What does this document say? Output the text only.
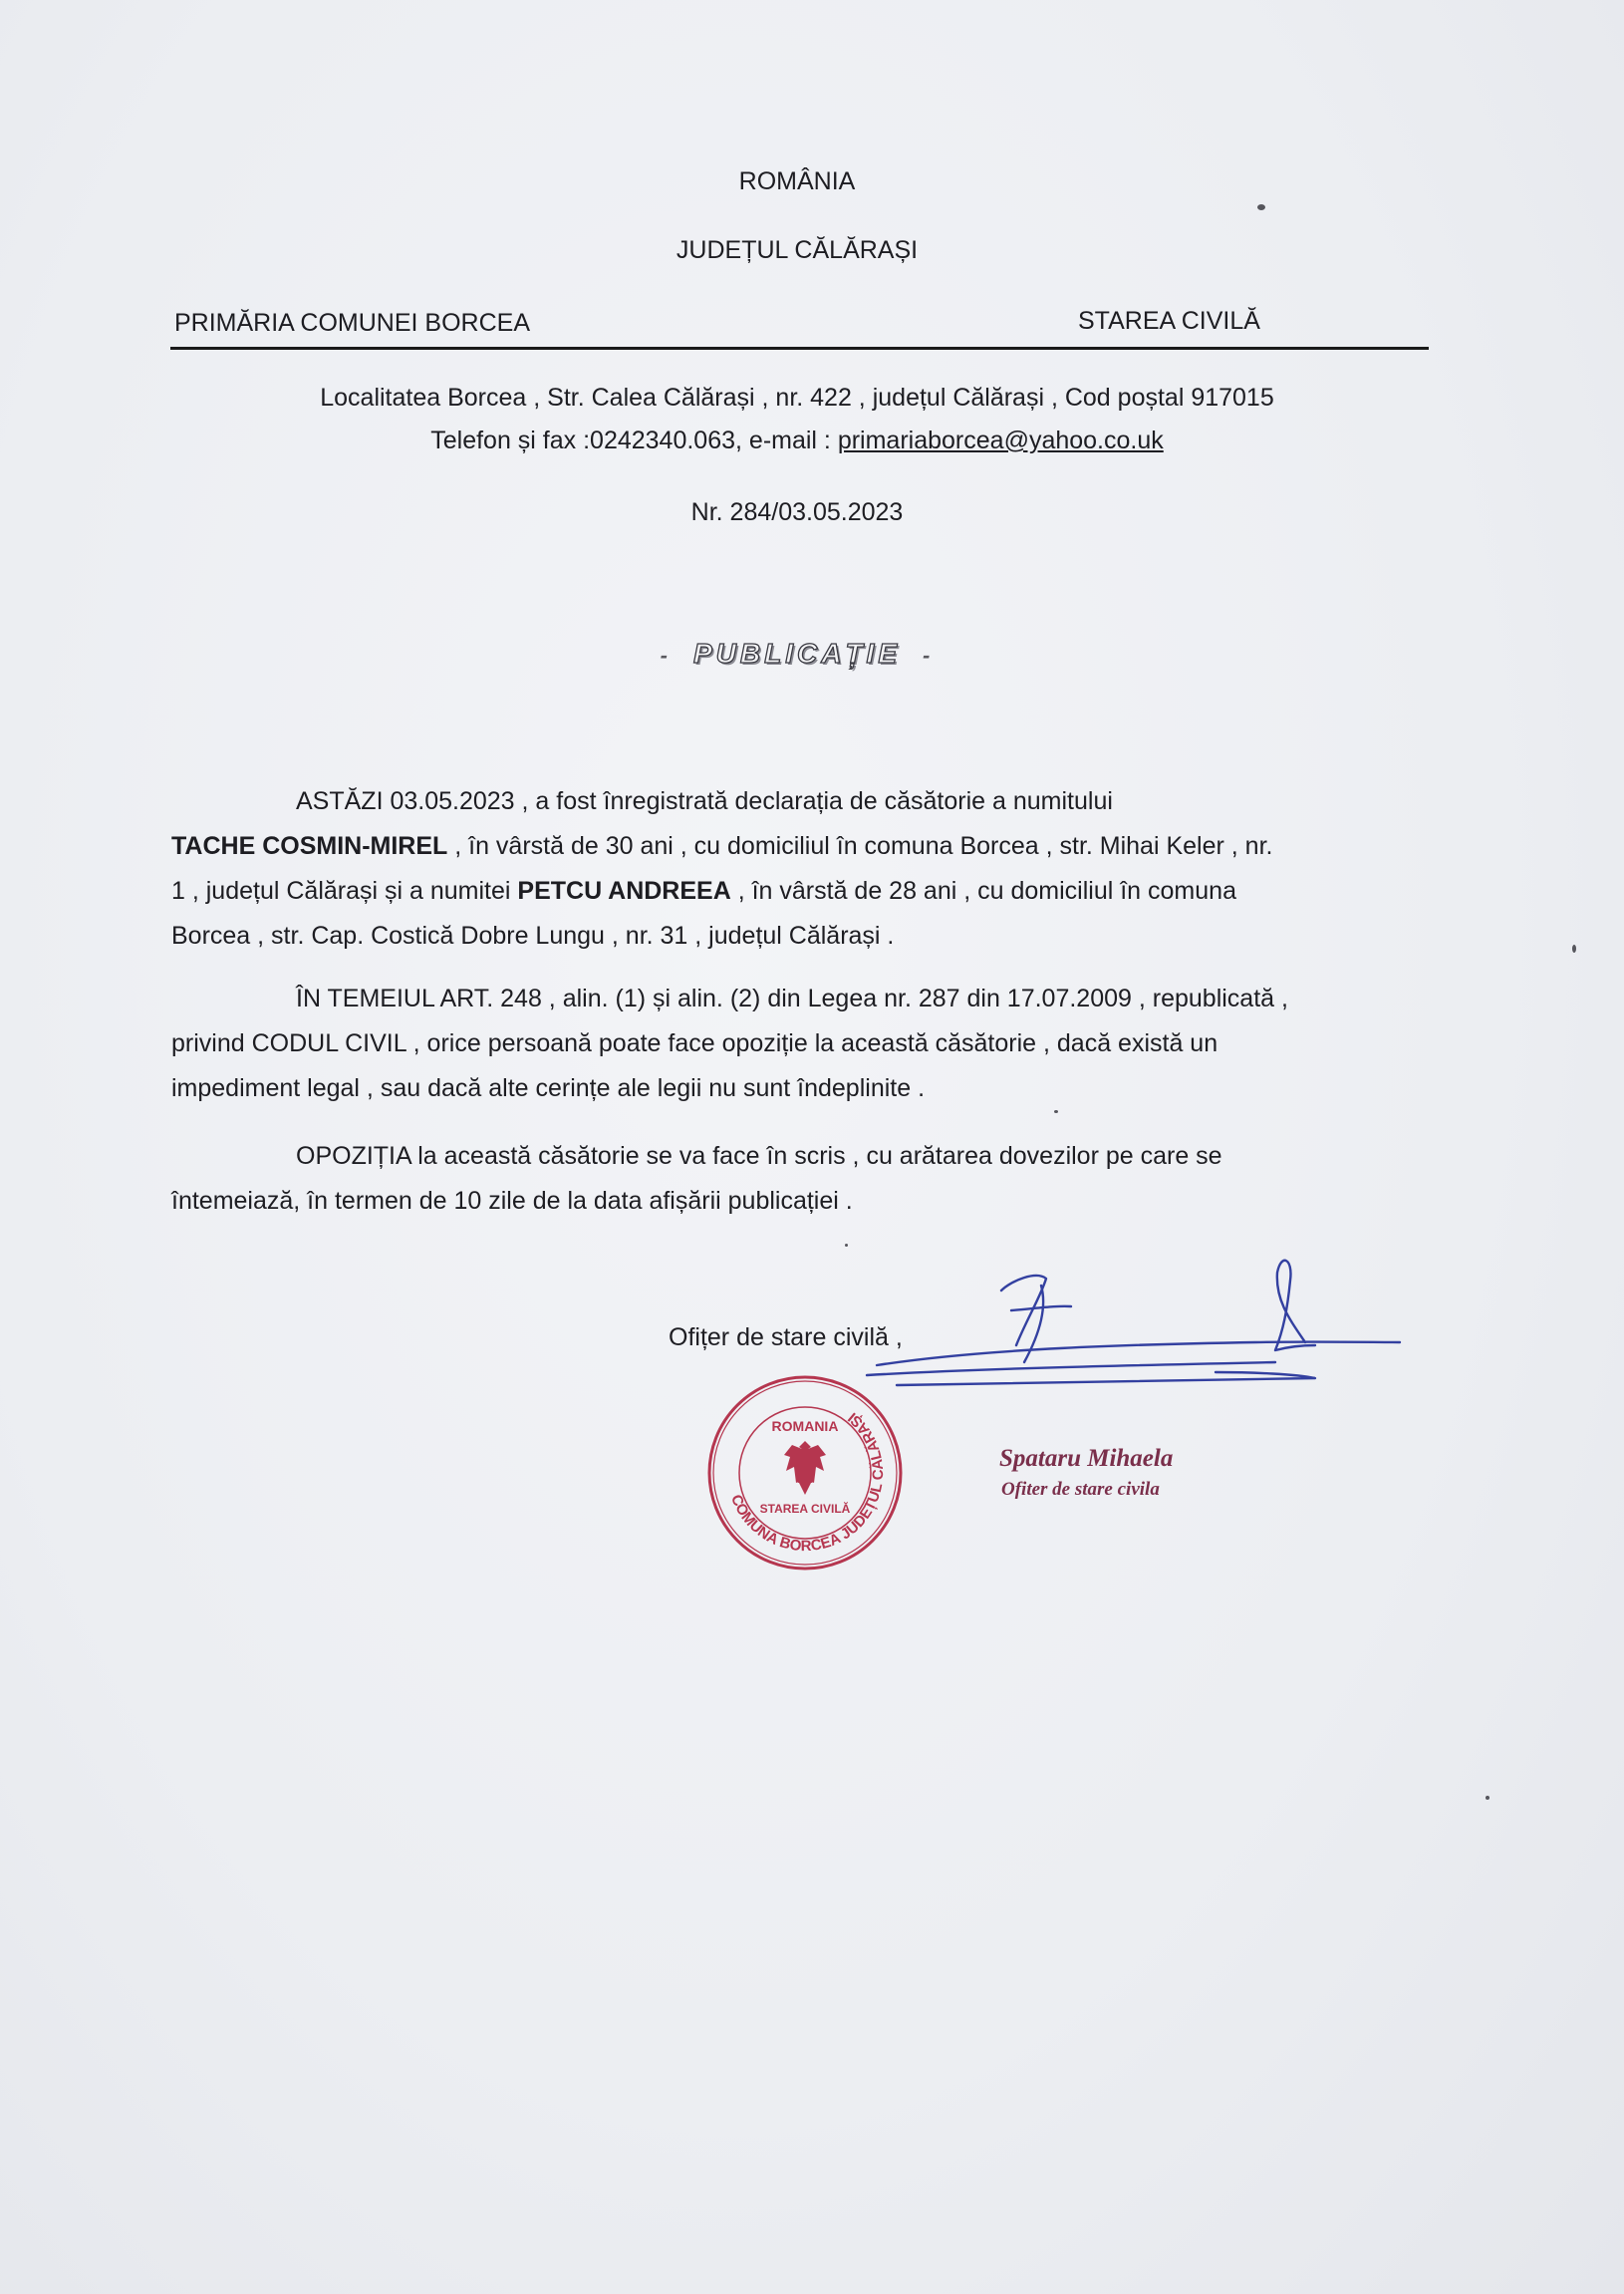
ROMÂNIA
JUDEȚUL CĂLĂRAȘI
PRIMĂRIA COMUNEI BORCEA	STAREA CIVILĂ
Localitatea Borcea , Str. Calea Călărași , nr. 422 , județul Călărași , Cod poștal 917015
Telefon și fax :0242340.063, e-mail : primariaborcea@yahoo.co.uk
Nr. 284/03.05.2023
- PUBLICAȚIE -
ASTĂZI 03.05.2023 , a fost înregistrată declarația de căsătorie a numitului
TACHE COSMIN-MIREL , în vârstă de 30 ani , cu domiciliul în comuna Borcea , str. Mihai Keler , nr.
1 , județul Călărași și a numitei PETCU ANDREEA , în vârstă de 28 ani , cu domiciliul în comuna
Borcea , str. Cap. Costică Dobre Lungu , nr. 31 , județul Călărași .
ÎN TEMEIUL ART. 248 , alin. (1) și alin. (2) din Legea nr. 287 din 17.07.2009 , republicată ,
privind CODUL CIVIL , orice persoană poate face opoziție la această căsătorie , dacă există un
impediment legal , sau dacă alte cerințe ale legii nu sunt îndeplinite .
OPOZIȚIA la această căsătorie se va face în scris , cu arătarea dovezilor pe care se
întemeiază, în termen de 10 zile de la data afișării publicației .
Ofițer de stare civilă ,
COMUNA BORCEA JUDEȚUL CĂLĂRAȘI
ROMANIA
STAREA CIVILĂ
Spataru Mihaela
Ofiter de stare civila
